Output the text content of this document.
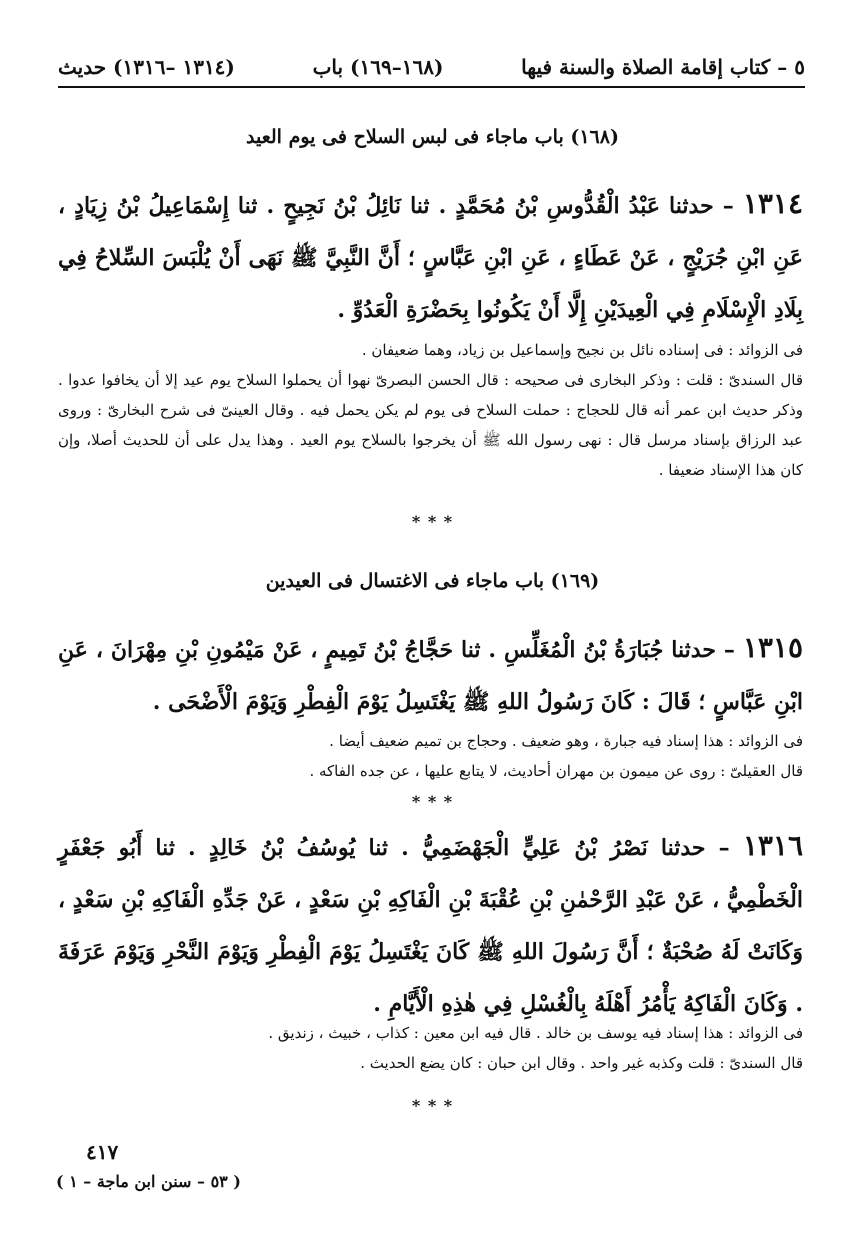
٥ – كتاب إقامة الصلاة والسنة فيها
(١٦٨–١٦٩) باب
(١٣١٤ –١٣١٦) حديث
(١٦٨) باب ماجاء فى لبس السلاح فى يوم العيد
١٣١٤ – حدثنا عَبْدُ الْقُدُّوسِ بْنُ مُحَمَّدٍ . ثنا نَائِلُ بْنُ نَجِيحٍ . ثنا إِسْمَاعِيلُ بْنُ زِيَادٍ ، عَنِ ابْنِ جُرَيْجٍ ، عَنْ عَطَاءٍ ، عَنِ ابْنِ عَبَّاسٍ ؛ أَنَّ النَّبِيَّ ﷺ نَهَى أَنْ يُلْبَسَ السِّلاحُ فِي بِلَادِ الْإِسْلَامِ فِي الْعِيدَيْنِ إِلَّا أَنْ يَكُونُوا بِحَضْرَةِ الْعَدُوِّ .

فى الزوائد : فى إسناده نائل بن نجيح وإسماعيل بن زياد، وهما ضعيفان .

قال السندىّ : قلت : وذكر البخارى فى صحيحه : قال الحسن البصرىّ نهوا أن يحملوا السلاح يوم عيد إلا أن يخافوا عدوا . وذكر حديث ابن عمر أنه قال للحجاج : حملت السلاح فى يوم لم يكن يحمل فيه . وقال العينىّ فى شرح البخارىّ : وروى عبد الرزاق بإسناد مرسل قال : نهى رسول الله ﷺ أن يخرجوا بالسلاح يوم العيد . وهذا يدل على أن للحديث أصلا، وإن كان هذا الإسناد ضعيفا .

* * *
(١٦٩) باب ماجاء فى الاغتسال فى العيدين
١٣١٥ – حدثنا جُبَارَةُ بْنُ الْمُغَلِّسِ . ثنا حَجَّاجُ بْنُ تَمِيمٍ ، عَنْ مَيْمُونِ بْنِ مِهْرَانَ ، عَنِ ابْنِ عَبَّاسٍ ؛ قَالَ : كَانَ رَسُولُ اللهِ ﷺ يَغْتَسِلُ يَوْمَ الْفِطْرِ وَيَوْمَ الْأَضْحَى .

فى الزوائد : هذا إسناد فيه جبارة ، وهو ضعيف . وحجاج بن تميم ضعيف أيضا .

قال العقيلىّ : روى عن ميمون بن مهران أحاديث، لا يتابع عليها ، عن جده الفاكه .

* * *
١٣١٦ – حدثنا نَصْرُ بْنُ عَلِيٍّ الْجَهْضَمِيُّ . ثنا يُوسُفُ بْنُ خَالِدٍ . ثنا أَبُو جَعْفَرٍ الْخَطْمِيُّ ، عَنْ عَبْدِ الرَّحْمٰنِ بْنِ عُقْبَةَ بْنِ الْفَاكِهِ بْنِ سَعْدٍ ، عَنْ جَدِّهِ الْفَاكِهِ بْنِ سَعْدٍ ، وَكَانَتْ لَهُ صُحْبَةٌ ؛ أَنَّ رَسُولَ اللهِ ﷺ كَانَ يَغْتَسِلُ يَوْمَ الْفِطْرِ وَيَوْمَ النَّحْرِ وَيَوْمَ عَرَفَةَ . وَكَانَ الْفَاكِهُ يَأْمُرُ أَهْلَهُ بِالْغُسْلِ فِي هٰذِهِ الْأَيَّامِ .

فى الزوائد : هذا إسناد فيه يوسف بن خالد . قال فيه ابن معين : كذاب ، خبيث ، زنديق .

قال السندىّ : قلت وكذبه غير واحد . وقال ابن حبان : كان يضع الحديث .

* * *
٤١٧
( ٥٣ – سنن ابن ماجة – ١ )
